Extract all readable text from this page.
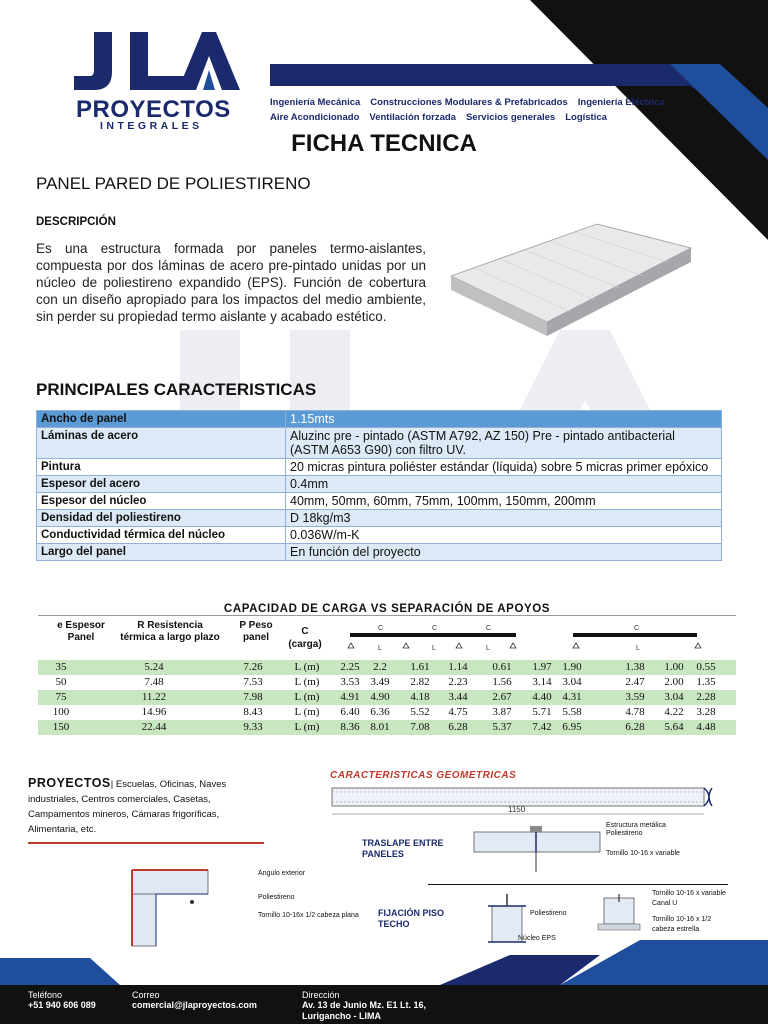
PROYECTOS
INTEGRALES
Ingeniería Mecánica Construcciones Modulares & Prefabricados Ingeniería Eléctrica
Aire Acondicionado Ventilación forzada Servicios generales Logística
FICHA TECNICA
PANEL PARED DE POLIESTIRENO
DESCRIPCIÓN
Es una estructura formada por paneles termo-aislantes, compuesta por dos láminas de acero pre-pintado unidas por un núcleo de poliestireno expandido (EPS). Función de cobertura con un diseño apropiado para los impactos del medio ambiente, sin perder su propiedad termo aislante y acabado estético.
PRINCIPALES CARACTERISTICAS
Ancho de panel	1.15mts
Láminas de acero	Aluzinc pre - pintado (ASTM A792, AZ 150) Pre - pintado antibacterial (ASTM A653 G90) con filtro UV.
Pintura	20 micras pintura poliéster estándar (líquida) sobre 5 micras primer epóxico
Espesor del acero	0.4mm
Espesor del núcleo	40mm, 50mm, 60mm, 75mm, 100mm, 150mm, 200mm
Densidad del poliestireno	D 18kg/m3
Conductividad térmica del núcleo	0.036W/m-K
Largo del panel	En función del proyecto
CAPACIDAD DE CARGA VS SEPARACIÓN DE APOYOS
e Espesor Panel
R Resistencia térmica a largo plazo
P Peso panel
C
(carga)
C	C	C	C
L	L	L	L
35	5.24	7.26	L (m)	2.25	2.2	1.61	1.14	0.61	1.97 1.90	1.38	1.00	0.55
50	7.48	7.53	L (m)	3.53 3.49	2.82	2.23	1.56	3.14 3.04	2.47	2.00	1.35
75	11.22	7.98	L (m)	4.91 4.90	4.18	3.44	2.67	4.40 4.31	3.59	3.04	2.28
100	14.96	8.43	L (m)	6.40 6.36	5.52	4.75	3.87	5.71 5.58	4.78	4.22	3.28
150	22.44	9.33	L (m)	8.36 8.01	7.08	6.28	5.37	7.42 6.95	6.28	5.64	4.48
PROYECTOS| Escuelas, Oficinas, Naves industriales, Centros comerciales, Casetas, Campamentos mineros, Cámaras frigoríficas, Alimentaria, etc.
CARACTERISTICAS GEOMETRICAS
1150
Angulo exterior
Poliestireno
Tornillo 10-16x 1/2 cabeza plana
TRASLAPE ENTRE PANELES
Estructura metálica
Poliestireno
Tornillo 10-16 x variable
FIJACIÓN PISO TECHO
Poliestireno
Núcleo EPS
Tornillo 10-16 x variable
Canal U
Tornillo 10-16 x 1/2
cabeza estrella
Teléfono
+51 940 606 089
Correo
comercial@jlaproyectos.com
Dirección
Av. 13 de Junio Mz. E1 Lt. 16,
Lurigancho - LIMA
